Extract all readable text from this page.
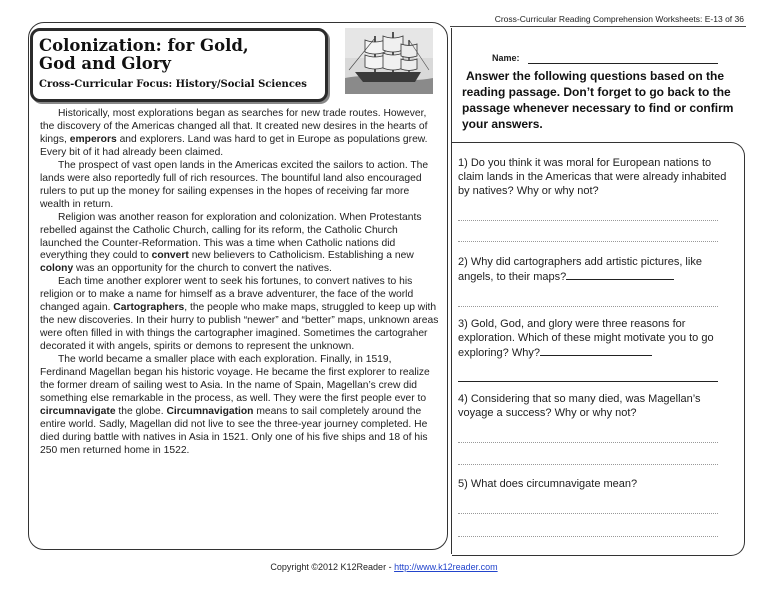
Cross-Curricular Reading Comprehension Worksheets: E-13 of 36
Colonization: for Gold,
God and Glory
Cross-Curricular Focus: History/Social Sciences

Historically, most explorations began as searches for new trade routes. However, the discovery of the Americas changed all that. It created new desires in the hearts of kings, emperors and explorers. Land was hard to get in Europe as populations grew. Every bit of it had already been claimed.

The prospect of vast open lands in the Americas excited the sailors to action. The lands were also reportedly full of rich resources. The bountiful land also encouraged rulers to put up the money for sailing expenses in the hopes of receiving far more wealth in return.

Religion was another reason for exploration and colonization. When Protestants rebelled against the Catholic Church, calling for its reform, the Catholic Church launched the Counter-Reformation. This was a time when Catholic nations did everything they could to convert new believers to Catholicism. Establishing a new colony was an opportunity for the church to convert the natives.

Each time another explorer went to seek his fortunes, to convert natives to his religion or to make a name for himself as a brave adventurer, the face of the world changed again. Cartographers, the people who make maps, struggled to keep up with the new discoveries. In their hurry to publish “newer” and “better” maps, unknown areas were often filled in with things the cartographer imagined. Sometimes the cartograher decorated it with angels, spirits or demons to represent the unknown.

The world became a smaller place with each exploration. Finally, in 1519, Ferdinand Magellan began his historic voyage. He became the first explorer to realize the former dream of sailing west to Asia. In the name of Spain, Magellan’s crew did something else remarkable in the process, as well. They were the first people ever to circumnavigate the globe. Circumnavigation means to sail completely around the entire world. Sadly, Magellan did not live to see the three-year journey completed. He died during battle with natives in Asia in 1521. Only one of his five ships and 18 of his 250 men returned home in 1522.

Name:
Answer the following questions based on the reading passage. Don’t forget to go back to the passage whenever necessary to find or confirm your answers.
1) Do you think it was moral for European nations to claim lands in the Americas that were already inhabited by natives? Why or why not?
2) Why did cartographers add artistic pictures, like angels, to their maps?
3) Gold, God, and glory were three reasons for exploration. Which of these might motivate you to go exploring? Why?
4) Considering that so many died, was Magellan’s voyage a success? Why or why not?
5) What does circumnavigate mean?
Copyright ©2012 K12Reader - http://www.k12reader.com
